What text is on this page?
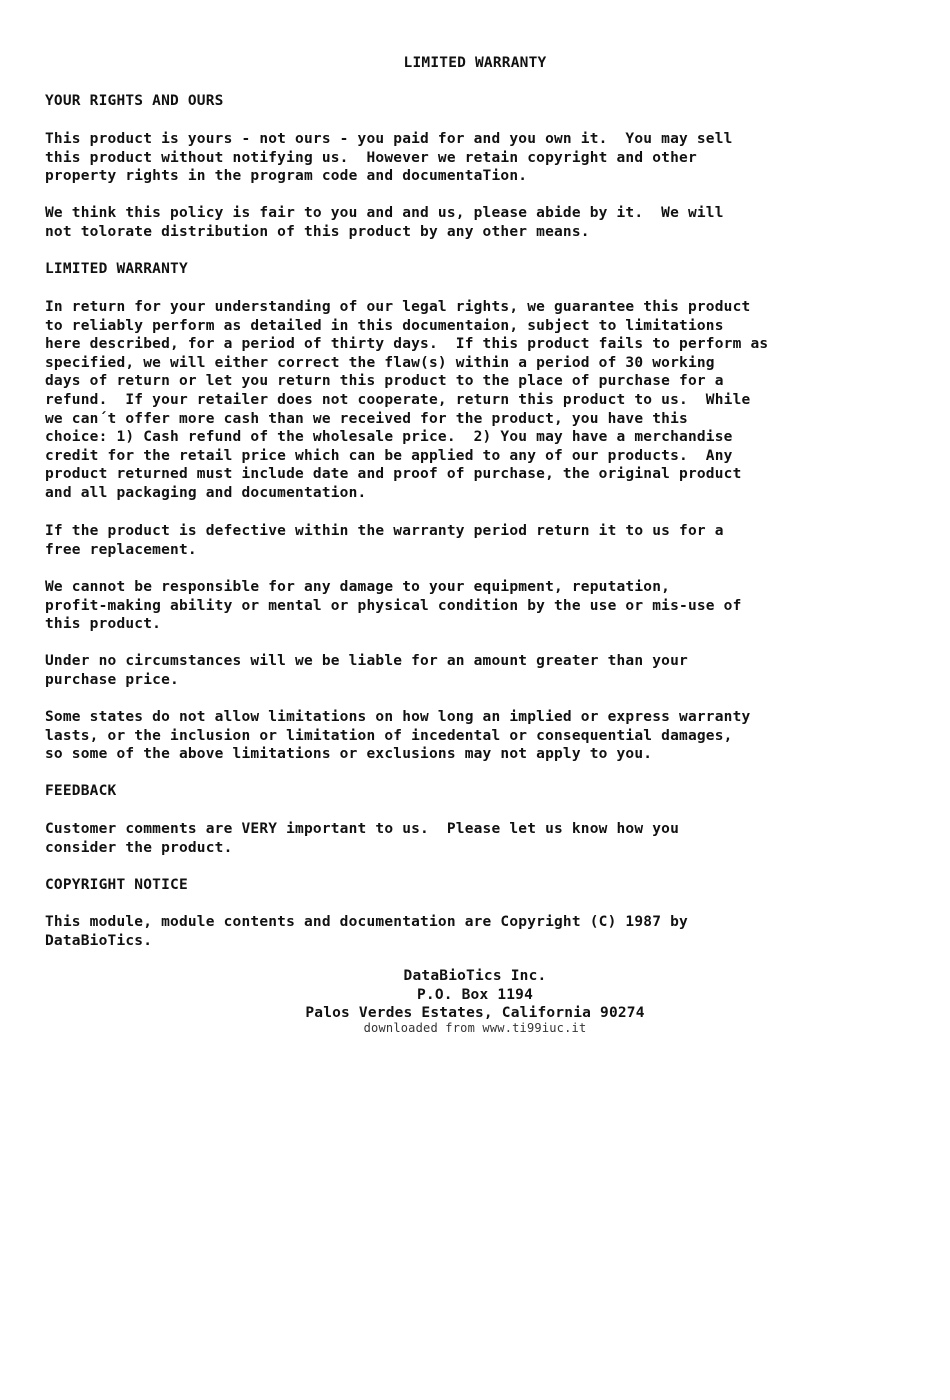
LIMITED WARRANTY
YOUR RIGHTS AND OURS
This product is yours - not ours - you paid for and you own it.  You may sell
this product without notifying us.  However we retain copyright and other
property rights in the program code and documentaTion.
We think this policy is fair to you and and us, please abide by it.  We will
not tolorate distribution of this product by any other means.
LIMITED WARRANTY
In return for your understanding of our legal rights, we guarantee this product
to reliably perform as detailed in this documentaion, subject to limitations
here described, for a period of thirty days.  If this product fails to perform as
specified, we will either correct the flaw(s) within a period of 30 working
days of return or let you return this product to the place of purchase for a
refund.  If your retailer does not cooperate, return this product to us.  While
we can´t offer more cash than we received for the product, you have this
choice: 1) Cash refund of the wholesale price.  2) You may have a merchandise
credit for the retail price which can be applied to any of our products.  Any
product returned must include date and proof of purchase, the original product
and all packaging and documentation.
If the product is defective within the warranty period return it to us for a
free replacement.
We cannot be responsible for any damage to your equipment, reputation,
profit-making ability or mental or physical condition by the use or mis-use of
this product.
Under no circumstances will we be liable for an amount greater than your
purchase price.
Some states do not allow limitations on how long an implied or express warranty
lasts, or the inclusion or limitation of incedental or consequential damages,
so some of the above limitations or exclusions may not apply to you.
FEEDBACK
Customer comments are VERY important to us.  Please let us know how you
consider the product.
COPYRIGHT NOTICE
This module, module contents and documentation are Copyright (C) 1987 by
DataBioTics.
DataBioTics Inc.
P.O. Box 1194
Palos Verdes Estates, California 90274
downloaded from www.ti99iuc.it
